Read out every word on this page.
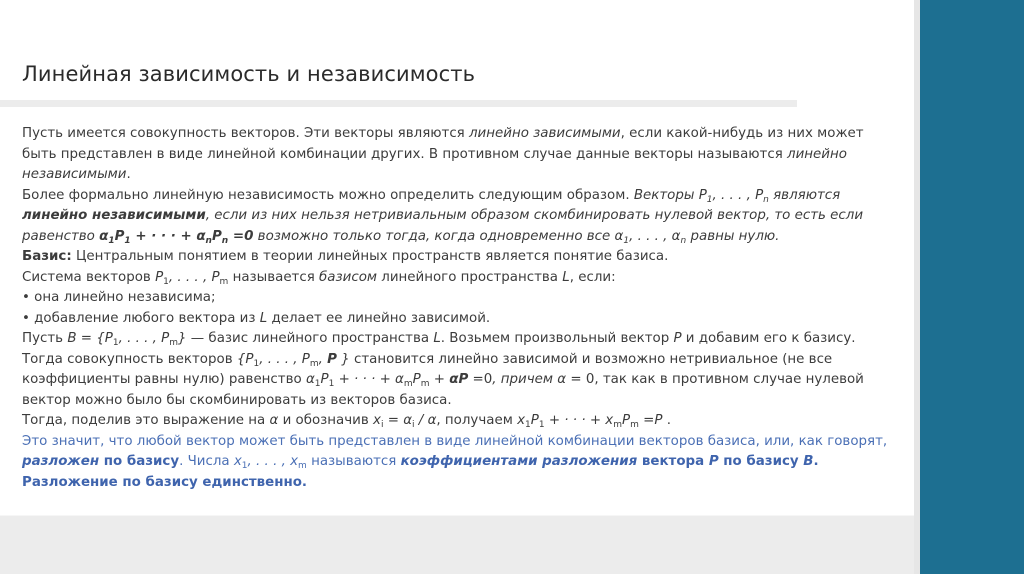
Линейная зависимость и независимость

Пусть имеется совокупность векторов. Эти векторы являются линейно зависимыми, если какой-нибудь из них может быть представлен в виде линейной комбинации других. В противном случае данные векторы называются линейно независимыми.

Более формально линейную независимость можно определить следующим образом. Векторы $P_1$, . . . , $P_n$ являются линейно независимыми, если из них нельзя нетривиальным образом скомбинировать нулевой вектор, то есть если равенство $\alpha_1P_1$ + · · · + $\alpha_nP_n =0$ возможно только тогда, когда одновременно все $\alpha_1$, . . . , $\alpha_n$ равны нулю.

Базис: Центральным понятием в теории линейных пространств является понятие базиса.

Система векторов $P_1$, . . . , $P_m$ называется базисом линейного пространства L, если:

• она линейно независима;

• добавление любого вектора из L делает ее линейно зависимой.

Пусть $B = \{P_1$, . . . , $P_m$} — базис линейного пространства L. Возьмем произвольный вектор P и добавим его к базису. Тогда совокупность векторов {$P_1$, . . . , $P_m$, P } становится линейно зависимой и возможно нетривиальное (не все коэффициенты равны нулю) равенство $\alpha_1P_1$ + · · · + $\alpha_mP_m + \alpha P =0$, причем α = 0, так как в противном случае нулевой вектор можно было бы скомбинировать из векторов базиса.

Тогда, поделив это выражение на α и обозначив $x_i = \alpha_i / \alpha$, получаем $x_1P_1$ + · · · + $x_mP_m =P$ .

Это значит, что любой вектор может быть представлен в виде линейной комбинации векторов базиса, или, как говорят, разложен по базису. Числа $x_1$, . . . , $x_m$ называются коэффициентами разложения вектора P по базису B.
Разложение по базису единственно.
